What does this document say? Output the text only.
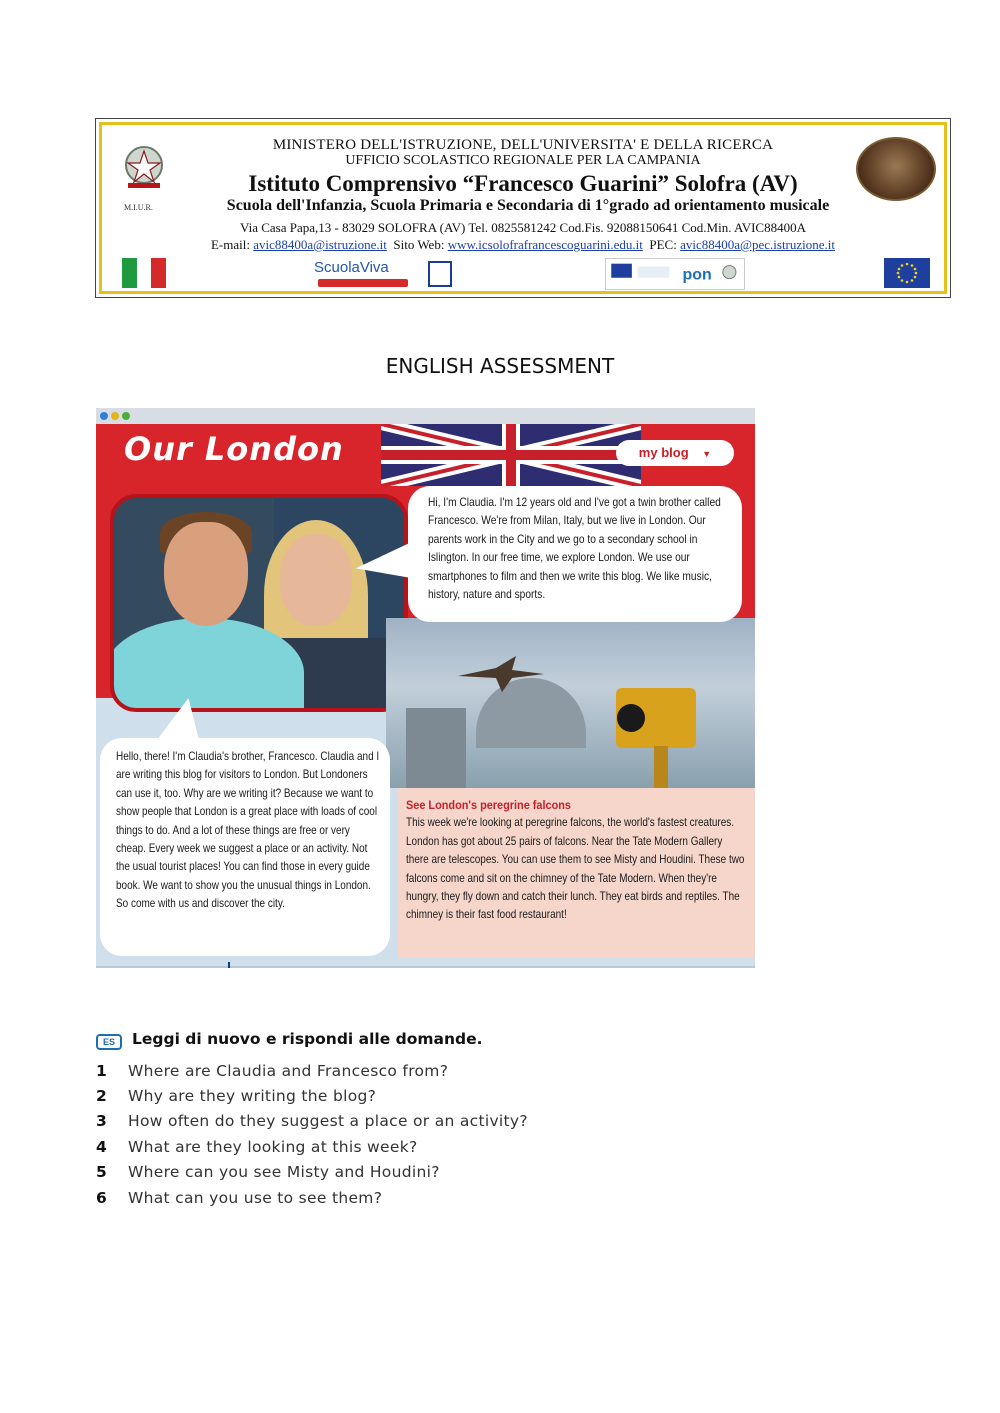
M.I.U.R.
MINISTERO DELL'ISTRUZIONE, DELL'UNIVERSITA' E DELLA RICERCA
UFFICIO SCOLASTICO REGIONALE PER LA CAMPANIA
Istituto Comprensivo “Francesco Guarini” Solofra (AV)
Scuola dell'Infanzia, Scuola Primaria e Secondaria di 1°grado ad orientamento musicale
Via Casa Papa,13 - 83029 SOLOFRA (AV) Tel. 0825581242 Cod.Fis. 92088150641 Cod.Min. AVIC88400A
E-mail: avic88400a@istruzione.it Sito Web: www.icsolofrafrancescoguarini.edu.it PEC: avic88400a@pec.istruzione.it
ScuolaViva	pon
ENGLISH ASSESSMENT
Our London	my blog ▼

Hi, I'm Claudia. I'm 12 years old and I've got a twin brother called Francesco. We're from Milan, Italy, but we live in London. Our parents work in the City and we go to a secondary school in Islington. In our free time, we explore London. We use our smartphones to film and then we write this blog. We like music, history, nature and sports.

Hello, there! I'm Claudia's brother, Francesco. Claudia and I are writing this blog for visitors to London. But Londoners can use it, too. Why are we writing it? Because we want to show people that London is a great place with loads of cool things to do. And a lot of these things are free or very cheap. Every week we suggest a place or an activity. Not the usual tourist places! You can find those in every guide book. We want to show you the unusual things in London. So come with us and discover the city.

See London's peregrine falcons

This week we're looking at peregrine falcons, the world's fastest creatures. London has got about 25 pairs of falcons. Near the Tate Modern Gallery there are telescopes. You can use them to see Misty and Houdini. These two falcons come and sit on the chimney of the Tate Modern. When they're hungry, they fly down and catch their lunch. They eat birds and reptiles. The chimney is their fast food restaurant!

ES	Leggi di nuovo e rispondi alle domande.
1 Where are Claudia and Francesco from?
2 Why are they writing the blog?
3 How often do they suggest a place or an activity?
4 What are they looking at this week?
5 Where can you see Misty and Houdini?
6 What can you use to see them?
